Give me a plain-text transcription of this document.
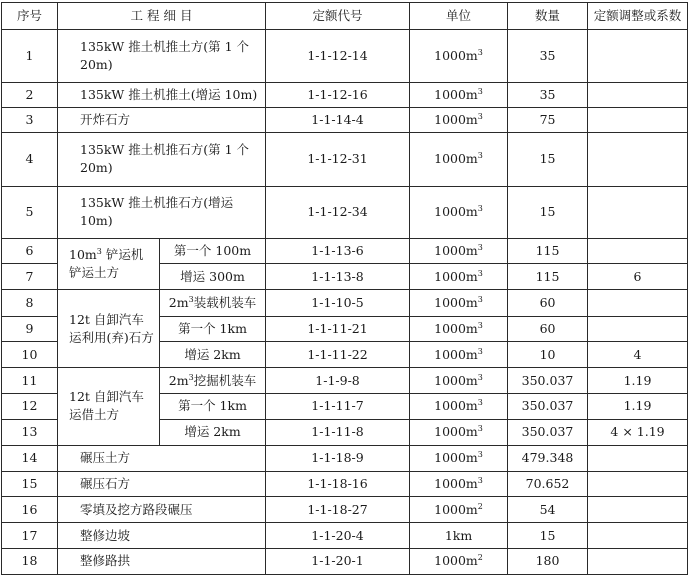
序号	工 程 细 目		定额代号	单位	数量	定额调整或系数
1	135kW 推土机推土方(第 1 个 20m)		1-1-12-14	$1000m^3$	35	
2	135kW 推土机推土(增运 10m)		1-1-12-16	$1000m^3$	35	
3	开炸石方		1-1-14-4	$1000m^3$	75	
4	135kW 推土机推石方(第 1 个 20m)		1-1-12-31	$1000m^3$	15	
5	135kW 推土机推石方(增运 10m)		1-1-12-34	$1000m^3$	15	
6	$10m^3$ 铲运机铲运土方	第一个 100m	1-1-13-6	$1000m^3$	115	
7		增运 300m	1-1-13-8	$1000m^3$	115	6
8	12t 自卸汽车运利用(弃)石方	$2m^3$装载机装车	1-1-10-5	$1000m^3$	60	
9		第一个 1km	1-1-11-21	$1000m^3$	60	
10		增运 2km	1-1-11-22	$1000m^3$	10	4
11	12t 自卸汽车运借土方	$2m^3$挖掘机装车	1-1-9-8	$1000m^3$	350.037	1.19
12		第一个 1km	1-1-11-7	$1000m^3$	350.037	1.19
13		增运 2km	1-1-11-8	$1000m^3$	350.037	4 × 1.19
14	碾压土方		1-1-18-9	$1000m^3$	479.348	
15	碾压石方		1-1-18-16	$1000m^3$	70.652	
16	零填及挖方路段碾压		1-1-18-27	$1000m^2$	54	
17	整修边坡		1-1-20-4	1km	15	
18	整修路拱		1-1-20-1	$1000m^2$	180	
